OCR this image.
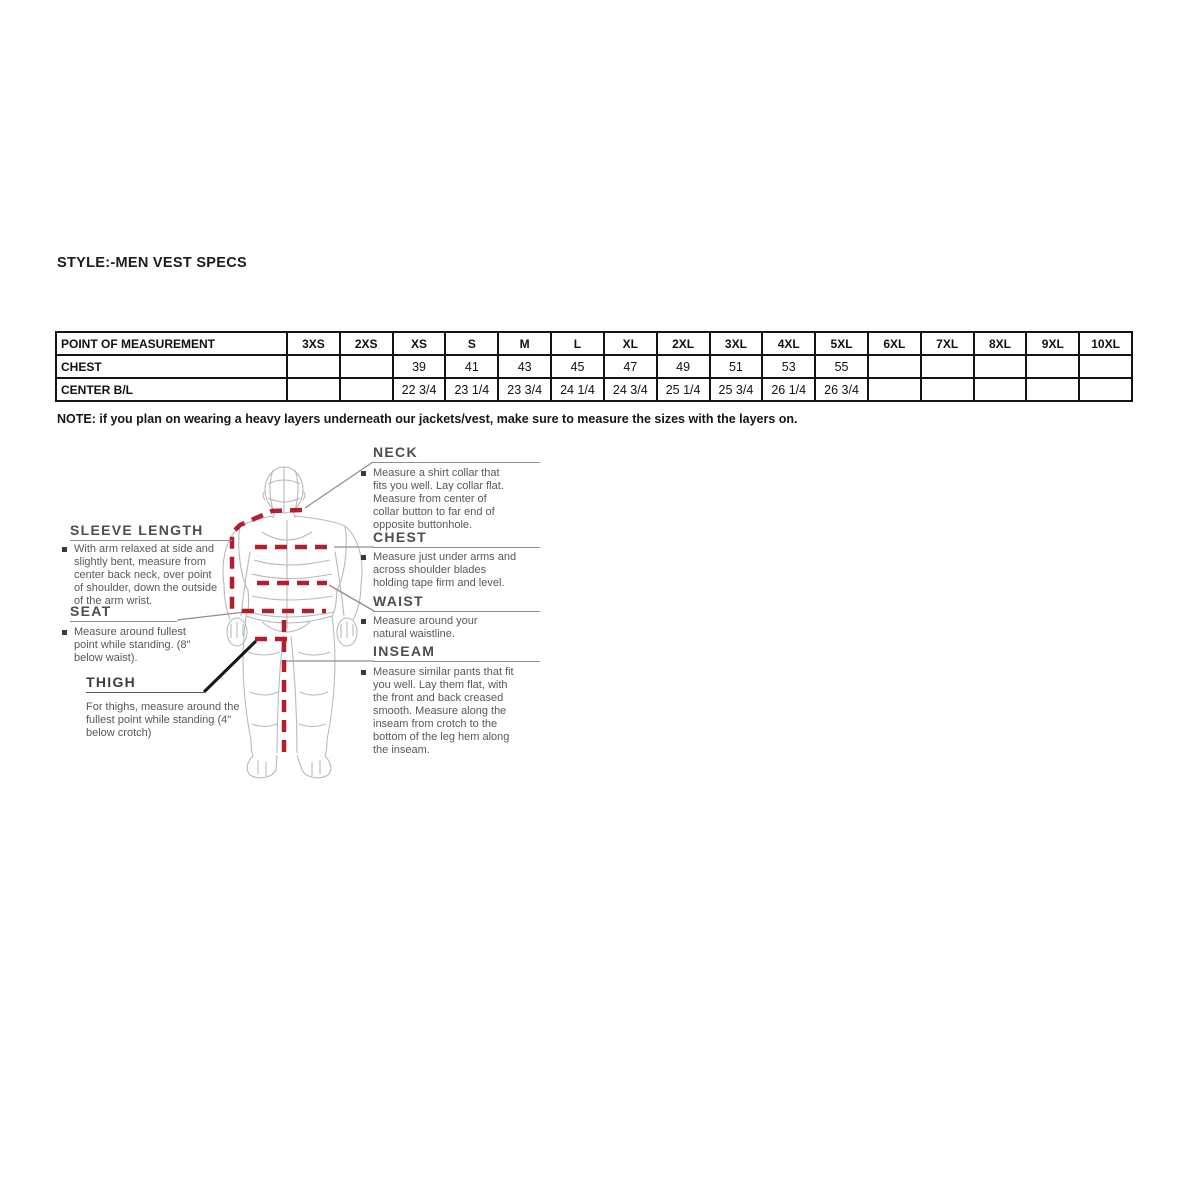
STYLE:-MEN VEST SPECS
POINT OF MEASUREMENT	3XS	2XS	XS	S	M	L	XL	2XL	3XL	4XL	5XL	6XL	7XL	8XL	9XL	10XL
CHEST			39	41	43	45	47	49	51	53	55					
CENTER B/L			22 3/4	23 1/4	23 3/4	24 1/4	24 3/4	25 1/4	25 3/4	26 1/4	26 3/4					
NOTE: if you plan on wearing a heavy layers underneath our jackets/vest, make sure to measure the sizes with the layers on.
SLEEVE LENGTH
With arm relaxed at side and slightly bent, measure from center back neck, over point of shoulder, down the outside of the arm wrist.
SEAT
Measure around fullest point while standing. (8" below waist).
THIGH
For thighs, measure around the fullest point while standing (4" below crotch)
NECK
Measure a shirt collar that fits you well. Lay collar flat. Measure from center of collar button to far end of opposite buttonhole.
CHEST
Measure just under arms and across shoulder blades holding tape firm and level.
WAIST
Measure around your natural waistline.
INSEAM
Measure similar pants that fit you well. Lay them flat, with the front and back creased smooth. Measure along the inseam from crotch to the bottom of the leg hem along the inseam.
